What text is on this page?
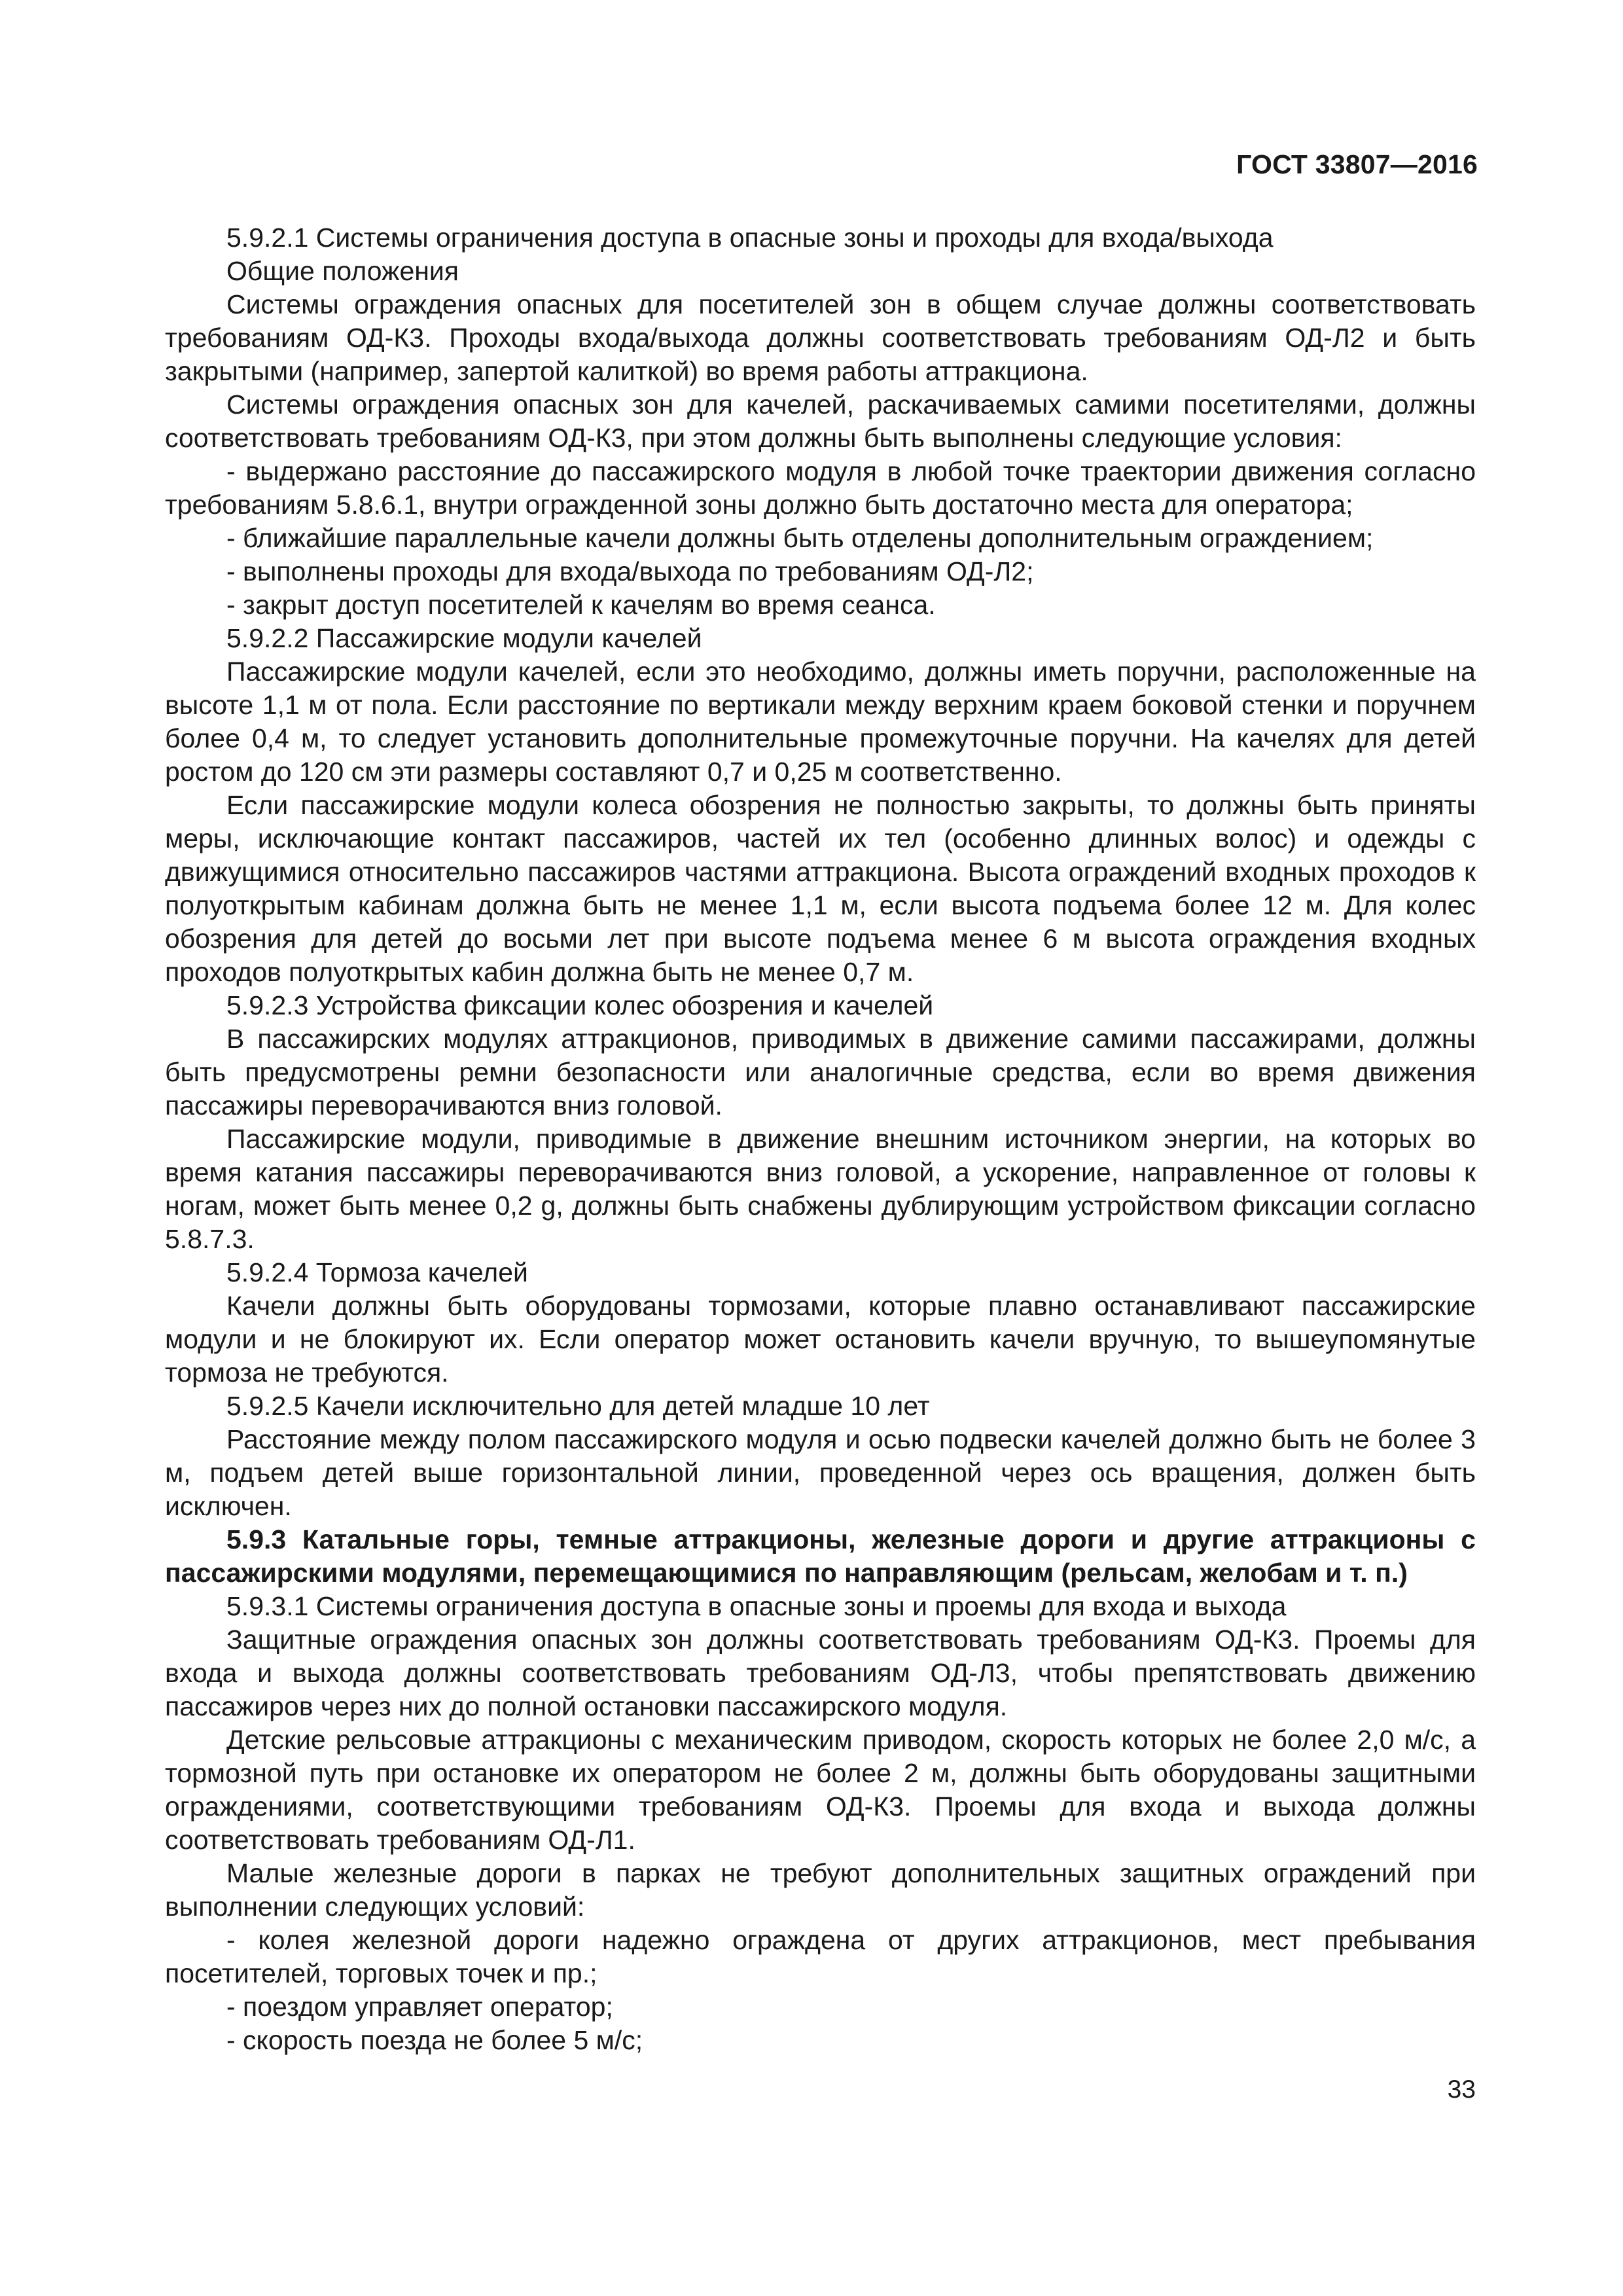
ГОСТ 33807—2016

5.9.2.1 Системы ограничения доступа в опасные зоны и проходы для входа/выхода

Общие положения

Системы ограждения опасных для посетителей зон в общем случае должны соответствовать требованиям ОД-К3. Проходы входа/выхода должны соответствовать требованиям ОД-Л2 и быть закрытыми (например, запертой калиткой) во время работы аттракциона.

Системы ограждения опасных зон для качелей, раскачиваемых самими посетителями, должны соответствовать требованиям ОД-К3, при этом должны быть выполнены следующие условия:

- выдержано расстояние до пассажирского модуля в любой точке траектории движения согласно требованиям 5.8.6.1, внутри огражденной зоны должно быть достаточно места для оператора;

- ближайшие параллельные качели должны быть отделены дополнительным ограждением;

- выполнены проходы для входа/выхода по требованиям ОД-Л2;

- закрыт доступ посетителей к качелям во время сеанса.

5.9.2.2 Пассажирские модули качелей

Пассажирские модули качелей, если это необходимо, должны иметь поручни, расположенные на высоте 1,1 м от пола. Если расстояние по вертикали между верхним краем боковой стенки и поручнем более 0,4 м, то следует установить дополнительные промежуточные поручни. На качелях для детей ростом до 120 см эти размеры составляют 0,7 и 0,25 м соответственно.

Если пассажирские модули колеса обозрения не полностью закрыты, то должны быть приняты меры, исключающие контакт пассажиров, частей их тел (особенно длинных волос) и одежды с движущимися относительно пассажиров частями аттракциона. Высота ограждений входных проходов к полуоткрытым кабинам должна быть не менее 1,1 м, если высота подъема более 12 м. Для колес обозрения для детей до восьми лет при высоте подъема менее 6 м высота ограждения входных проходов полуоткрытых кабин должна быть не менее 0,7 м.

5.9.2.3 Устройства фиксации колес обозрения и качелей

В пассажирских модулях аттракционов, приводимых в движение самими пассажирами, должны быть предусмотрены ремни безопасности или аналогичные средства, если во время движения пассажиры переворачиваются вниз головой.

Пассажирские модули, приводимые в движение внешним источником энергии, на которых во время катания пассажиры переворачиваются вниз головой, а ускорение, направленное от головы к ногам, может быть менее 0,2 g, должны быть снабжены дублирующим устройством фиксации согласно 5.8.7.3.

5.9.2.4 Тормоза качелей

Качели должны быть оборудованы тормозами, которые плавно останавливают пассажирские модули и не блокируют их. Если оператор может остановить качели вручную, то вышеупомянутые тормоза не требуются.

5.9.2.5 Качели исключительно для детей младше 10 лет

Расстояние между полом пассажирского модуля и осью подвески качелей должно быть не более 3 м, подъем детей выше горизонтальной линии, проведенной через ось вращения, должен быть исключен.

5.9.3 Катальные горы, темные аттракционы, железные дороги и другие аттракционы с пассажирскими модулями, перемещающимися по направляющим (рельсам, желобам и т. п.)

5.9.3.1 Системы ограничения доступа в опасные зоны и проемы для входа и выхода

Защитные ограждения опасных зон должны соответствовать требованиям ОД-К3. Проемы для входа и выхода должны соответствовать требованиям ОД-Л3, чтобы препятствовать движению пассажиров через них до полной остановки пассажирского модуля.

Детские рельсовые аттракционы с механическим приводом, скорость которых не более 2,0 м/с, а тормозной путь при остановке их оператором не более 2 м, должны быть оборудованы защитными ограждениями, соответствующими требованиям ОД-К3. Проемы для входа и выхода должны соответствовать требованиям ОД-Л1.

Малые железные дороги в парках не требуют дополнительных защитных ограждений при выполнении следующих условий:

- колея железной дороги надежно ограждена от других аттракционов, мест пребывания посетителей, торговых точек и пр.;

- поездом управляет оператор;

- скорость поезда не более 5 м/с;

33
